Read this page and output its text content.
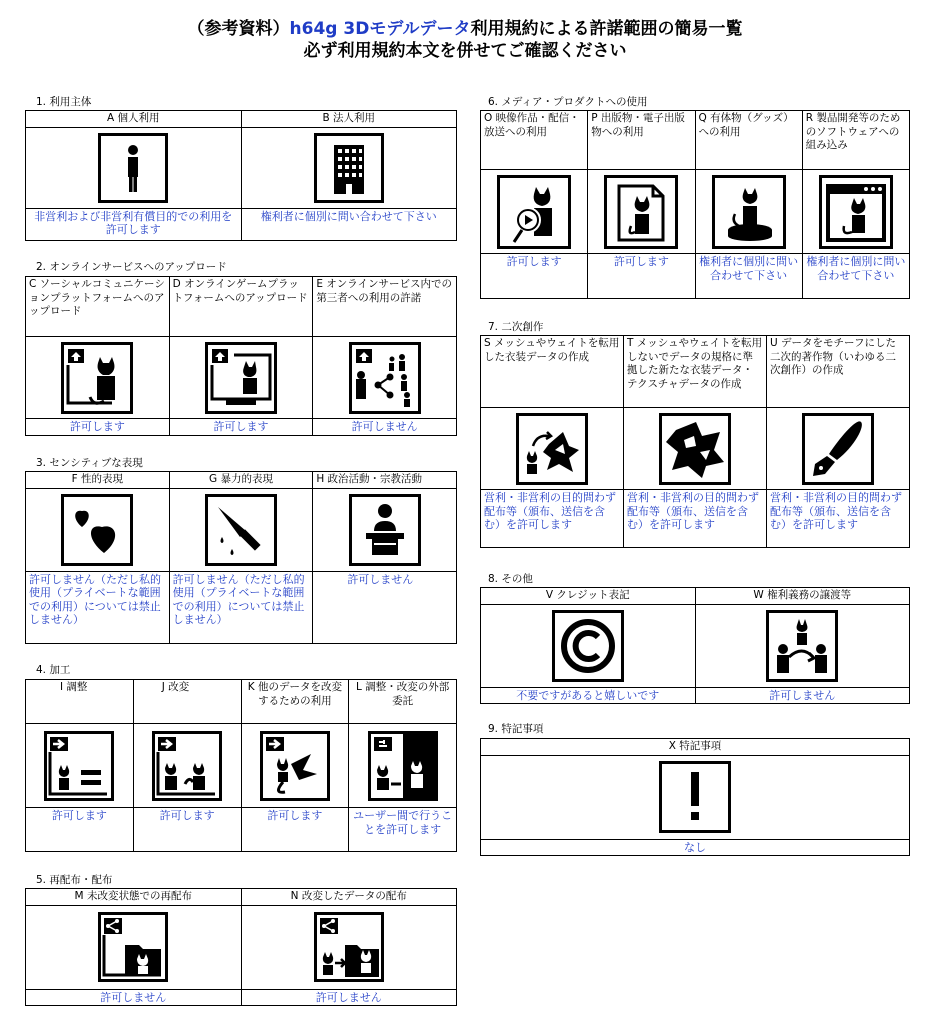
（参考資料）h64g 3Dモデルデータ利用規約による許諾範囲の簡易一覧
必ず利用規約本文を併せてご確認ください
1. 利用主体
A 個人利用	B 法人利用

非営利および非営利有償目的での利用を許可します	権利者に個別に問い合わせて下さい
2. オンラインサービスへのアップロード
C ソーシャルコミュニケーションプラットフォームへのアップロード	D オンラインゲームプラットフォームへのアップロード	E オンラインサービス内での第三者への利用の許諾

許可します	許可します	許可しません
3. センシティブな表現
F 性的表現	G 暴力的表現	H 政治活動・宗教活動

許可しません（ただし私的使用（プライベートな範囲での利用）については禁止しません）	許可しません（ただし私的使用（プライベートな範囲での利用）については禁止しません）	許可しません
4. 加工
I 調整	J 改変	K 他のデータを改変するための利用	L 調整・改変の外部委託

許可します	許可します	許可します	ユーザー間で行うことを許可します
5. 再配布・配布
M 未改変状態での再配布	N 改変したデータの配布

許可しません	許可しません
6. メディア・プロダクトへの使用
O 映像作品・配信・放送への利用	P 出版物・電子出版物への利用	Q 有体物（グッズ）への利用	R 製品開発等のためのソフトウェアへの組み込み

許可します	許可します	権利者に個別に問い合わせて下さい	権利者に個別に問い合わせて下さい
7. 二次創作
S メッシュやウェイトを転用した衣装データの作成	T メッシュやウェイトを転用しないでデータの規格に準拠した新たな衣装データ・テクスチャデータの作成	U データをモチーフにした二次的著作物（いわゆる二次創作）の作成

営利・非営利の目的問わず配布等（頒布、送信を含む）を許可します	営利・非営利の目的問わず配布等（頒布、送信を含む）を許可します	営利・非営利の目的問わず配布等（頒布、送信を含む）を許可します
8. その他
V クレジット表記	W 権利義務の譲渡等

不要ですがあると嬉しいです	許可しません
9. 特記事項
X 特記事項

なし
